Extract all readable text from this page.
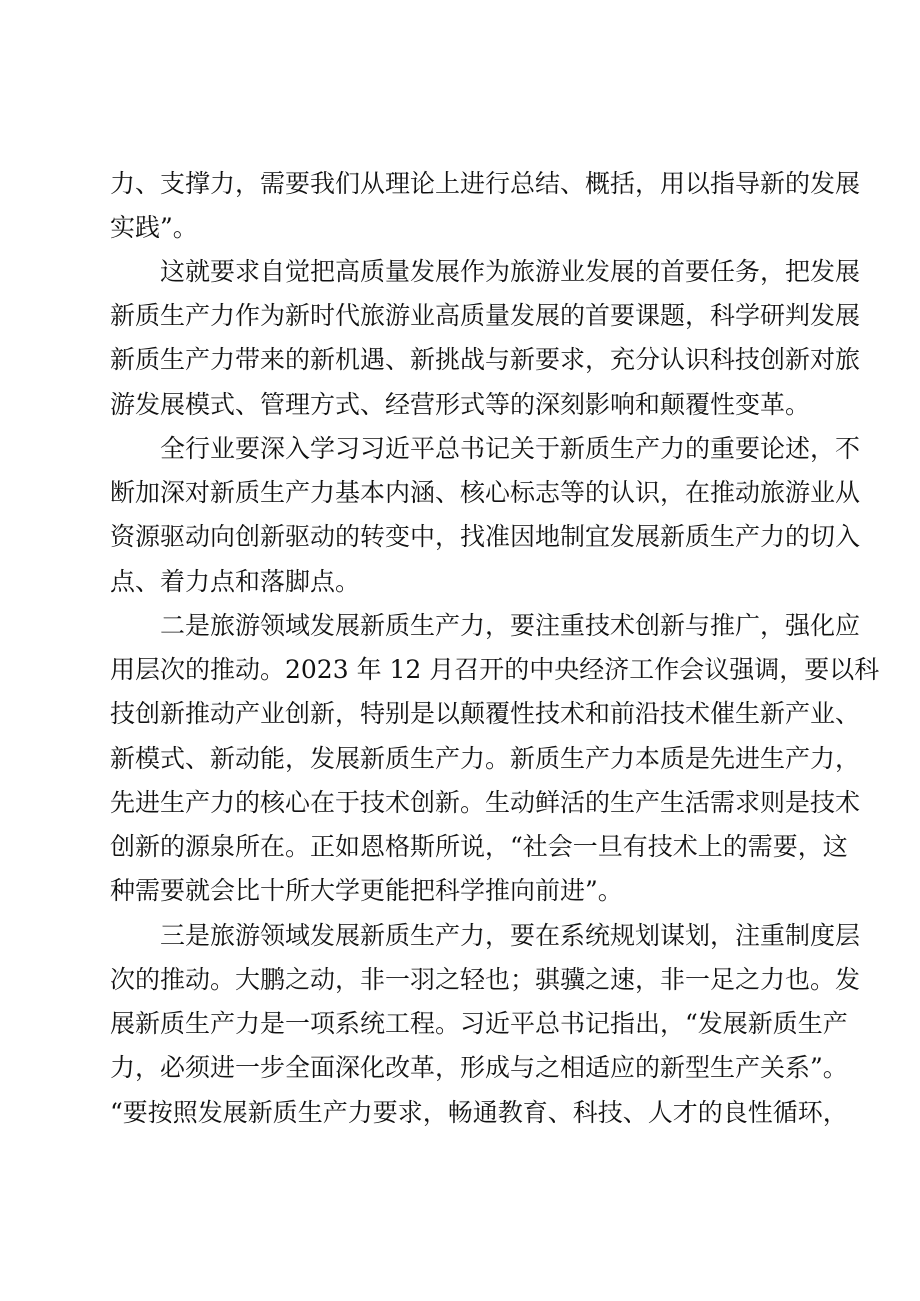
力、支撑力，需要我们从理论上进行总结、概括，用以指导新的发展
实践”。
这就要求自觉把高质量发展作为旅游业发展的首要任务，把发展
新质生产力作为新时代旅游业高质量发展的首要课题，科学研判发展
新质生产力带来的新机遇、新挑战与新要求，充分认识科技创新对旅
游发展模式、管理方式、经营形式等的深刻影响和颠覆性变革。
全行业要深入学习习近平总书记关于新质生产力的重要论述，不
断加深对新质生产力基本内涵、核心标志等的认识，在推动旅游业从
资源驱动向创新驱动的转变中，找准因地制宜发展新质生产力的切入
点、着力点和落脚点。
二是旅游领域发展新质生产力，要注重技术创新与推广，强化应
用层次的推动。2023 年 12 月召开的中央经济工作会议强调，要以科
技创新推动产业创新，特别是以颠覆性技术和前沿技术催生新产业、
新模式、新动能，发展新质生产力。新质生产力本质是先进生产力，
先进生产力的核心在于技术创新。生动鲜活的生产生活需求则是技术
创新的源泉所在。正如恩格斯所说，“社会一旦有技术上的需要，这
种需要就会比十所大学更能把科学推向前进”。
三是旅游领域发展新质生产力，要在系统规划谋划，注重制度层
次的推动。大鹏之动，非一羽之轻也；骐骥之速，非一足之力也。发
展新质生产力是一项系统工程。习近平总书记指出，“发展新质生产
力，必须进一步全面深化改革，形成与之相适应的新型生产关系”。
“要按照发展新质生产力要求，畅通教育、科技、人才的良性循环，
